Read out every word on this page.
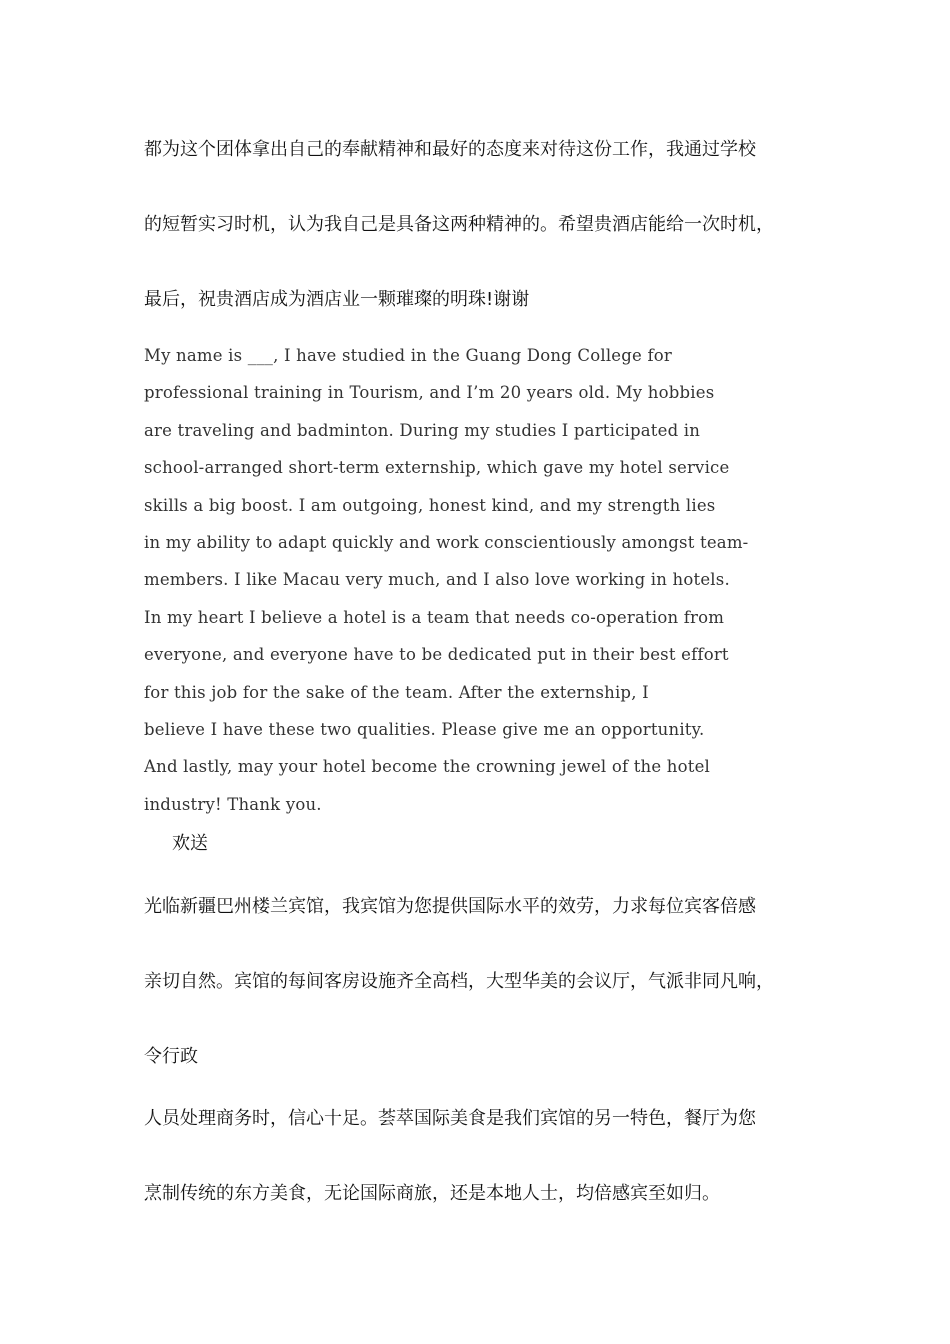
都为这个团体拿出自己的奉献精神和最好的态度来对待这份工作，我通过学校

的短暂实习时机，认为我自己是具备这两种精神的。希望贵酒店能给一次时机，

最后，祝贵酒店成为酒店业一颗璀璨的明珠!谢谢

My name is ___, I have studied in the Guang Dong College for

professional training in Tourism, and I’m 20 years old. My hobbies

are traveling and badminton. During my studies I participated in

school-arranged short-term externship, which gave my hotel service

skills a big boost. I am outgoing, honest kind, and my strength lies

in my ability to adapt quickly and work conscientiously amongst team-

members. I like Macau very much, and I also love working in hotels.

In my heart I believe a hotel is a team that needs co-operation from

everyone, and everyone have to be dedicated put in their best effort

for this job for the sake of the team. After the externship, I

believe I have these two qualities. Please give me an opportunity.

And lastly, may your hotel become the crowning jewel of the hotel

industry! Thank you.

欢送

光临新疆巴州楼兰宾馆，我宾馆为您提供国际水平的效劳，力求每位宾客倍感

亲切自然。宾馆的每间客房设施齐全高档，大型华美的会议厅，气派非同凡响，

令行政

人员处理商务时，信心十足。荟萃国际美食是我们宾馆的另一特色，餐厅为您

烹制传统的东方美食，无论国际商旅，还是本地人士，均倍感宾至如归。
